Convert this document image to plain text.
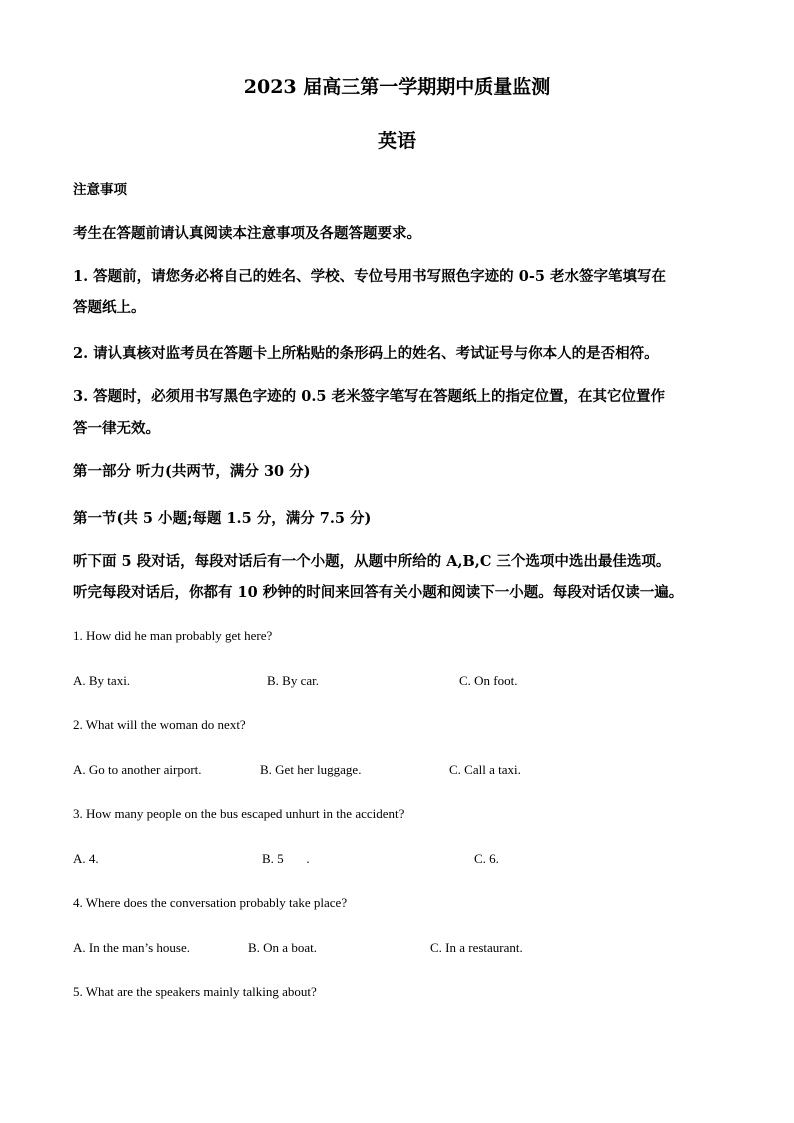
2023 届高三第一学期期中质量监测
英语
注意事项
考生在答题前请认真阅读本注意事项及各题答题要求。
1. 答题前，请您务必将自己的姓名、学校、专位号用书写照色字迹的 0-5 老水签字笔填写在
答题纸上。
2. 请认真核对监考员在答题卡上所粘贴的条形码上的姓名、考试证号与你本人的是否相符。
3. 答题时，必须用书写黑色字迹的 0.5 老米签字笔写在答题纸上的指定位置，在其它位置作
答一律无效。
第一部分 听力(共两节，满分 30 分)
第一节(共 5 小题;每题 1.5 分，满分 7.5 分)
听下面 5 段对话，每段对话后有一个小题，从题中所给的 A,B,C 三个选项中选出最佳选项。
听完每段对话后，你都有 10 秒钟的时间来回答有关小题和阅读下一小题。每段对话仅读一遍。
1. How did he man probably get here?
A. By taxi.	B. By car.	C. On foot.
2. What will the woman do next?
A. Go to another airport.	B. Get her luggage.	C. Call a taxi.
3. How many people on the bus escaped unhurt in the accident?
A. 4.	B. 5       .	C. 6.
4. Where does the conversation probably take place?
A. In the man’s house.	B. On a boat.	C. In a restaurant.
5. What are the speakers mainly talking about?
